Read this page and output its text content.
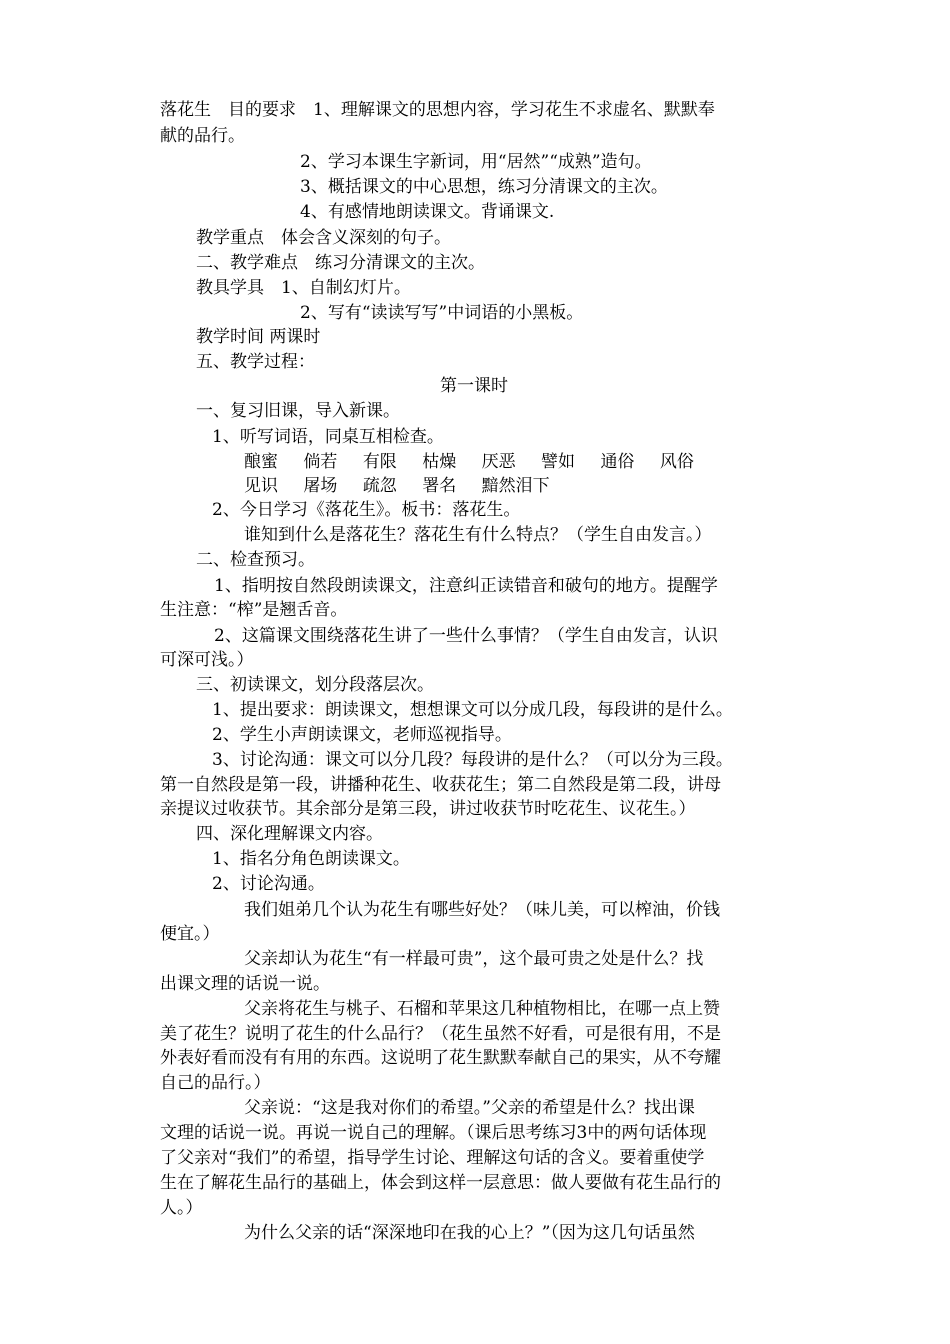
落花生　目的要求　1、理解课文的思想内容，学习花生不求虚名、默默奉
献的品行。
2、学习本课生字新词，用“居然”“成熟”造句。
3、概括课文的中心思想，练习分清课文的主次。
4、有感情地朗读课文。背诵课文.
教学重点　体会含义深刻的句子。
二、教学难点　练习分清课文的主次。
教具学具　1、自制幻灯片。
2、写有“读读写写”中词语的小黑板。
教学时间 两课时
五、教学过程：
第一课时
一、复习旧课，导入新课。
1、听写词语，同桌互相检查。
酿蜜 倘若 有限 枯燥 厌恶 譬如 通俗 风俗
见识 屠场 疏忽 署名 黯然泪下
2、今日学习《落花生》。板书：落花生。
谁知到什么是落花生？落花生有什么特点？（学生自由发言。）
二、检查预习。
1、指明按自然段朗读课文，注意纠正读错音和破句的地方。提醒学
生注意：“榨”是翘舌音。
2、这篇课文围绕落花生讲了一些什么事情？（学生自由发言，认识
可深可浅。）
三、初读课文，划分段落层次。
1、提出要求：朗读课文，想想课文可以分成几段，每段讲的是什么。
2、学生小声朗读课文，老师巡视指导。
3、讨论沟通：课文可以分几段？每段讲的是什么？（可以分为三段。
第一自然段是第一段，讲播种花生、收获花生；第二自然段是第二段，讲母
亲提议过收获节。其余部分是第三段，讲过收获节时吃花生、议花生。）
四、深化理解课文内容。
1、指名分角色朗读课文。
2、讨论沟通。
我们姐弟几个认为花生有哪些好处？（味儿美，可以榨油，价钱
便宜。）
父亲却认为花生“有一样最可贵”，这个最可贵之处是什么？找
出课文理的话说一说。
父亲将花生与桃子、石榴和苹果这几种植物相比，在哪一点上赞
美了花生？说明了花生的什么品行？（花生虽然不好看，可是很有用，不是
外表好看而没有有用的东西。这说明了花生默默奉献自己的果实，从不夸耀
自己的品行。）
父亲说：“这是我对你们的希望。”父亲的希望是什么？找出课
文理的话说一说。再说一说自己的理解。（课后思考练习3中的两句话体现
了父亲对“我们”的希望，指导学生讨论、理解这句话的含义。要着重使学
生在了解花生品行的基础上，体会到这样一层意思：做人要做有花生品行的
人。）
为什么父亲的话“深深地印在我的心上？”（因为这几句话虽然
